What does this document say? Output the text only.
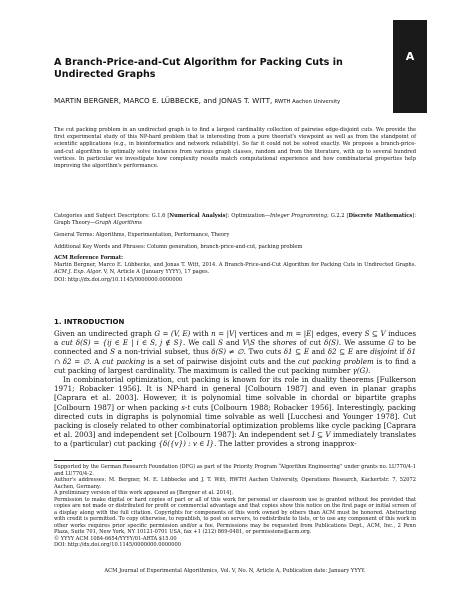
A
A Branch-Price-and-Cut Algorithm for Packing Cuts in Undirected Graphs
MARTIN BERGNER, MARCO E. LÜBBECKE, and JONAS T. WITT, RWTH Aachen University

The cut packing problem in an undirected graph is to find a largest cardinality collection of pairwise edge-disjoint cuts. We provide the first experimental study of this NP-hard problem that is interesting from a pure theorist's viewpoint as well as from the standpoint of scientific applications (e.g., in bioinformatics and network reliability). So far it could not be solved exactly. We propose a branch-price-and-cut algorithm to optimally solve instances from various graph classes, random and from the literature, with up to several hundred vertices. In particular we investigate how complexity results match computational experience and how combinatorial properties help improving the algorithm's performance.

Categories and Subject Descriptors: G.1.6 [Numerical Analysis]: Optimization—Integer Programming; G.2.2 [Discrete Mathematics]: Graph Theory—Graph Algorithms

General Terms: Algorithms, Experimentation, Performance, Theory

Additional Key Words and Phrases: Column generation, branch-price-and-cut, packing problem

ACM Reference Format:

Martin Bergner, Marco E. Lübbecke, and Jonas T. Witt, 2014. A Branch-Price-and-Cut Algorithm for Packing Cuts in Undirected Graphs. ACM J. Exp. Algor. V, N, Article A (January YYYY), 17 pages.

DOI: http://dx.doi.org/10.1145/0000000.0000000

1. INTRODUCTION

Given an undirected graph G = (V, E) with n = |V| vertices and m = |E| edges, every S ⊆ V induces a cut δ(S) = {ij ∈ E | i ∈ S, j ∉ S}. We call S and V\S the shores of cut δ(S). We assume G to be connected and S a non-trivial subset, thus δ(S) ≠ ∅. Two cuts δ1 ⊆ E and δ2 ⊆ E are disjoint if δ1 ∩ δ2 = ∅. A cut packing is a set of pairwise disjoint cuts and the cut packing problem is to find a cut packing of largest cardinality. The maximum is called the cut packing number γ(G).

In combinatorial optimization, cut packing is known for its role in duality theorems [Fulkerson 1971; Robacker 1956]. It is NP-hard in general [Colbourn 1987] and even in planar graphs [Caprara et al. 2003]. However, it is polynomial time solvable in chordal or bipartite graphs [Colbourn 1987] or when packing s-t cuts [Colbourn 1988; Robacker 1956]. Interestingly, packing directed cuts in digraphs is polynomial time solvable as well [Lucchesi and Younger 1978]. Cut packing is closely related to other combinatorial optimization problems like cycle packing [Caprara et al. 2003] and independent set [Colbourn 1987]: An independent set I ⊆ V immediately translates to a (particular) cut packing {δ({v}) : v ∈ I}. The latter provides a strong inapprox-

Supported by the German Research Foundation (DFG) as part of the Priority Program “Algorithm Engineering” under grants no. LU770/4-1 and LU770/4-2.

Author's addresses: M. Bergner, M. E. Lübbecke and J. T. Witt, RWTH Aachen University, Operations Research, Kackertstr. 7, 52072 Aachen, Germany.

A preliminary version of this work appeared as [Bergner et al. 2014].

Permission to make digital or hard copies of part or all of this work for personal or classroom use is granted without fee provided that copies are not made or distributed for profit or commercial advantage and that copies show this notice on the first page or initial screen of a display along with the full citation. Copyrights for components of this work owned by others than ACM must be honored. Abstracting with credit is permitted. To copy otherwise, to republish, to post on servers, to redistribute to lists, or to use any component of this work in other works requires prior specific permission and/or a fee. Permissions may be requested from Publications Dept., ACM, Inc., 2 Penn Plaza, Suite 701, New York, NY 10121-0701 USA, fax +1 (212) 869-0481, or permissions@acm.org.

© YYYY ACM 1084-6654/YYYY/01-ARTA $15.00

DOI: http://dx.doi.org/10.1145/0000000.0000000

ACM Journal of Experimental Algorithmics, Vol. V, No. N, Article A, Publication date: January YYYY.
